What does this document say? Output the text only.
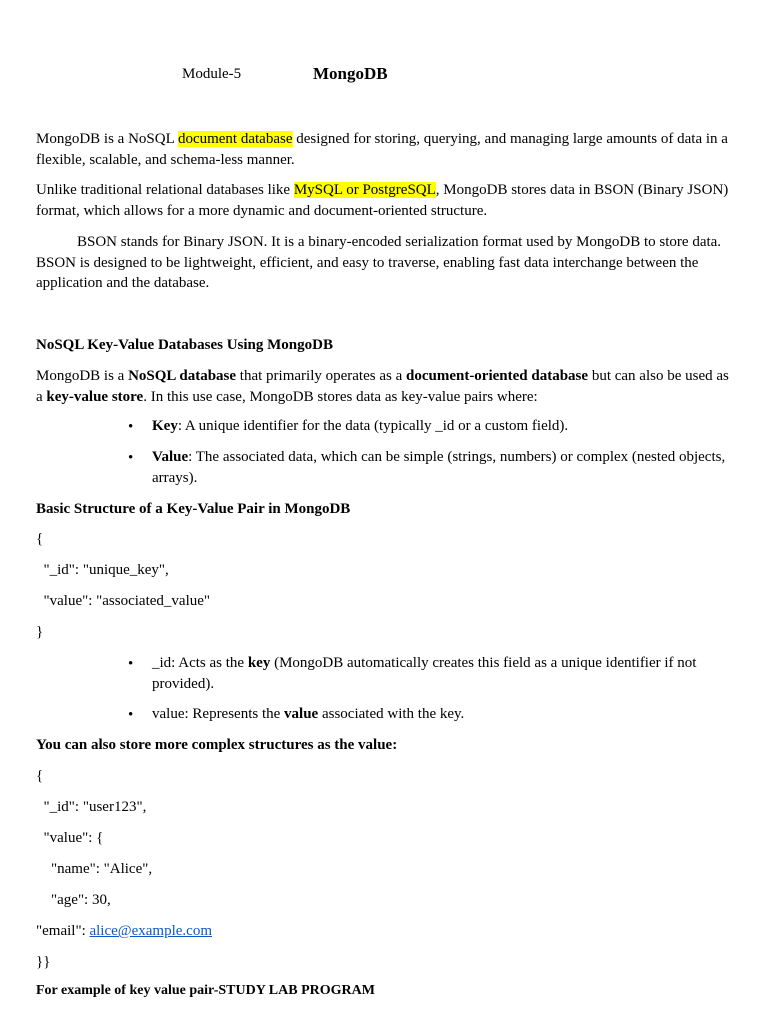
Module-5	MongoDB

MongoDB is a NoSQL document database designed for storing, querying, and managing large amounts of data in a flexible, scalable, and schema-less manner.

Unlike traditional relational databases like MySQL or PostgreSQL, MongoDB stores data in BSON (Binary JSON) format, which allows for a more dynamic and document-oriented structure.

BSON stands for Binary JSON. It is a binary-encoded serialization format used by MongoDB to store data. BSON is designed to be lightweight, efficient, and easy to traverse, enabling fast data interchange between the application and the database.

NoSQL Key-Value Databases Using MongoDB

MongoDB is a NoSQL database that primarily operates as a document-oriented database but can also be used as a key-value store. In this use case, MongoDB stores data as key-value pairs where:

• Key: A unique identifier for the data (typically _id or a custom field).

• Value: The associated data, which can be simple (strings, numbers) or complex (nested objects, arrays).

Basic Structure of a Key-Value Pair in MongoDB

{

"_id": "unique_key",

"value": "associated_value"

}

• _id: Acts as the key (MongoDB automatically creates this field as a unique identifier if not provided).

• value: Represents the value associated with the key.

You can also store more complex structures as the value:

{

"_id": "user123",

"value": {

"name": "Alice",

"age": 30,

"email": alice@example.com

}}

For example of key value pair-STUDY LAB PROGRAM
